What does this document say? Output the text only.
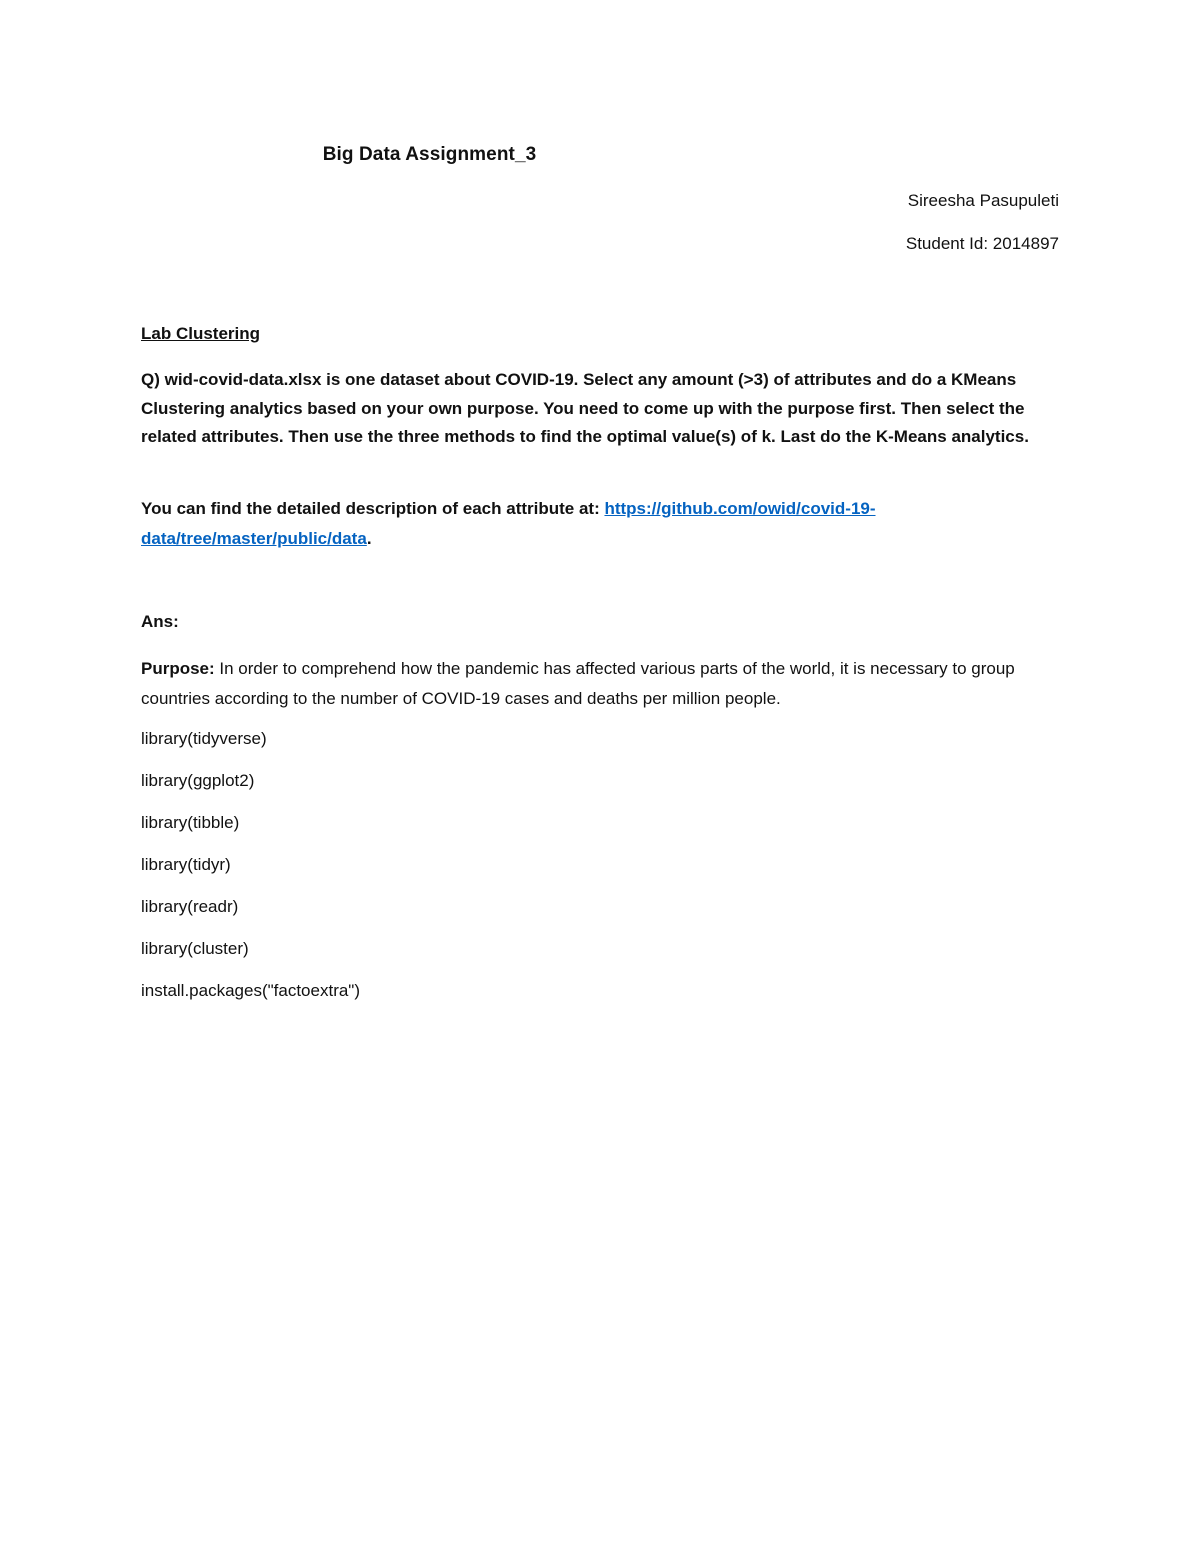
Big Data Assignment_3
Sireesha Pasupuleti
Student Id: 2014897
Lab Clustering
Q) wid-covid-data.xlsx is one dataset about COVID-19. Select any amount (>3) of attributes and do a KMeans Clustering analytics based on your own purpose. You need to come up with the purpose first. Then select the related attributes. Then use the three methods to find the optimal value(s) of k. Last do the K-Means analytics.
You can find the detailed description of each attribute at: https://github.com/owid/covid-19-data/tree/master/public/data.
Ans:
Purpose: In order to comprehend how the pandemic has affected various parts of the world, it is necessary to group countries according to the number of COVID-19 cases and deaths per million people.
library(tidyverse)
library(ggplot2)
library(tibble)
library(tidyr)
library(readr)
library(cluster)
install.packages("factoextra")
